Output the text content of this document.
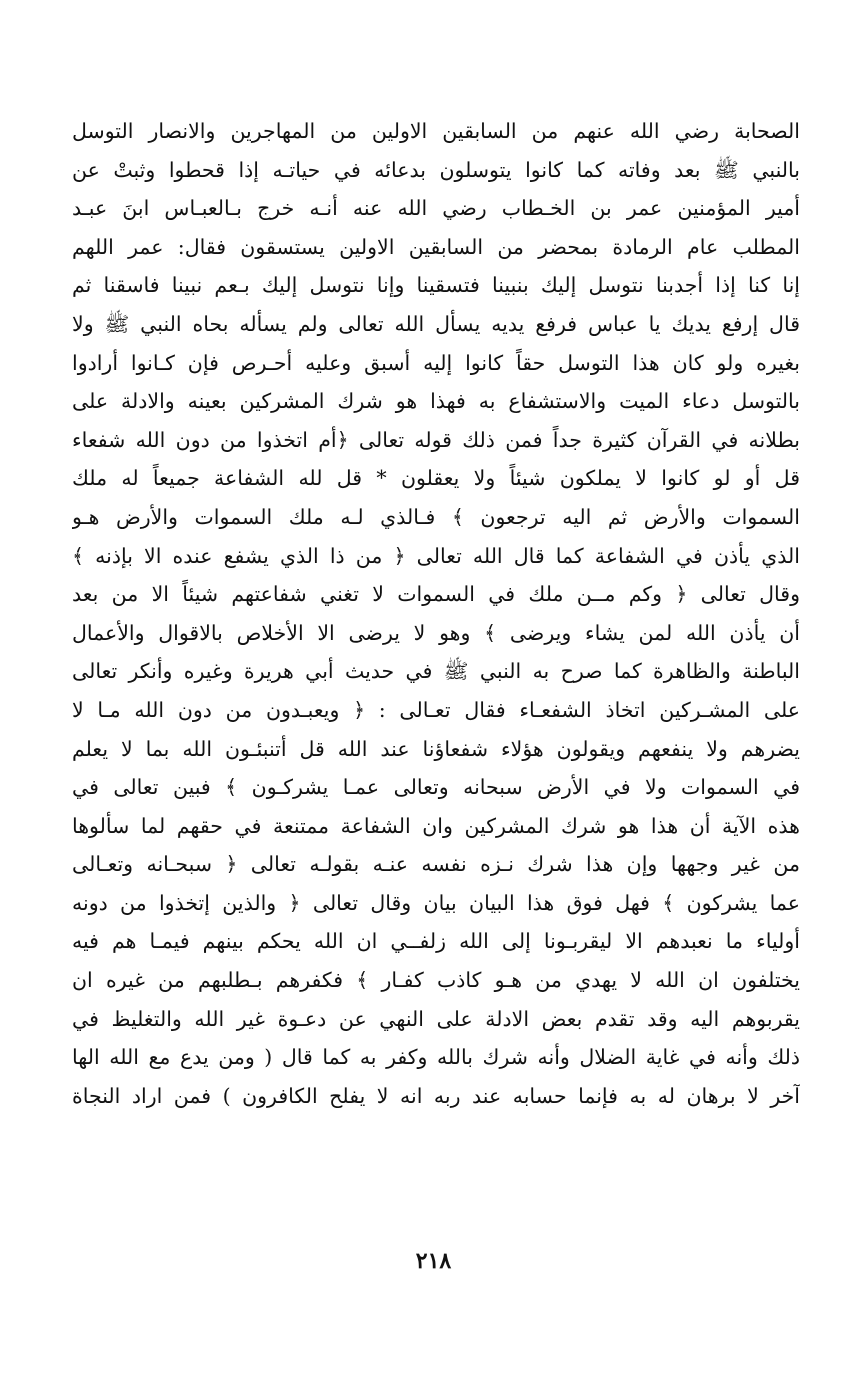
الصحابة رضي الله عنهم من السابقين الاولين من المهاجرين والانصار التوسل
بالنبي ﷺ بعد وفاته كما كانوا يتوسلون بدعائه في حياتـه إذا قحطوا وثبتْ عن
أمير المؤمنين عمر بن الخـطاب رضي الله عنه أنـه خرج بـالعبـاس ابنَ عبـد
المطلب عام الرمادة بمحضر من السابقين الاولين يستسقون فقال: عمر اللهم
إنا كنا إذا أجدبنا نتوسل إليك بنبينا فتسقينا وإنا نتوسل إليك بـعم نبينا فاسقنا ثم
قال إرفع يديك يا عباس فرفع يديه يسأل الله تعالى ولم يسأله بحاه النبي ﷺ ولا
بغيره ولو كان هذا التوسل حقاً كانوا إليه أسبق وعليه أحـرص فإن كـانوا أرادوا
بالتوسل دعاء الميت والاستشفاع به فهذا هو شرك المشركين بعينه والادلة على
بطلانه في القرآن كثيرة جداً فمن ذلك قوله تعالى ﴿أم اتخذوا من دون الله شفعاء
قل أو لو كانوا لا يملكون شيئاً ولا يعقلون * قل لله الشفاعة جميعاً له ملك
السموات والأرض ثم اليه ترجعون ﴾ فـالذي لـه ملك السموات والأرض هـو
الذي يأذن في الشفاعة كما قال الله تعالى ﴿ من ذا الذي يشفع عنده الا بإذنه ﴾
وقال تعالى ﴿ وكم مــن ملك في السموات لا تغني شفاعتهم شيئاً الا من بعد
أن يأذن الله لمن يشاء ويرضى ﴾ وهو لا يرضى الا الأخلاص بالاقوال والأعمال
الباطنة والظاهرة كما صرح به النبي ﷺ في حديث أبي هريرة وغيره وأنكر تعالى
على المشـركين اتخاذ الشفعـاء فقال تعـالى : ﴿ ويعبـدون من دون الله مـا لا
يضرهم ولا ينفعهم ويقولون هؤلاء شفعاؤنا عند الله قل أتنبئـون الله بما لا يعلم
في السموات ولا في الأرض سبحانه وتعالى عمـا يشركـون ﴾ فبين تعالى في
هذه الآية أن هذا هو شرك المشركين وان الشفاعة ممتنعة في حقهم لما سألوها
من غير وجهها وإن هذا شرك نـزه نفسه عنـه بقولـه تعالى ﴿ سبحـانه وتعـالى
عما يشركون ﴾ فهل فوق هذا البيان بيان وقال تعالى ﴿ والذين إتخذوا من دونه
أولياء ما نعبدهم الا ليقربـونا إلى الله زلفــي ان الله يحكم بينهم فيمـا هم فيه
يختلفون ان الله لا يهدي من هـو كاذب كفـار ﴾ فكفرهم بـطلبهم من غيره ان
يقربوهم اليه وقد تقدم بعض الادلة على النهي عن دعـوة غير الله والتغليظ في
ذلك وأنه في غاية الضلال وأنه شرك بالله وكفر به كما قال ( ومن يدع مع الله الها
آخر لا برهان له به فإنما حسابه عند ربه انه لا يفلح الكافرون ) فمن اراد النجاة
٢١٨
